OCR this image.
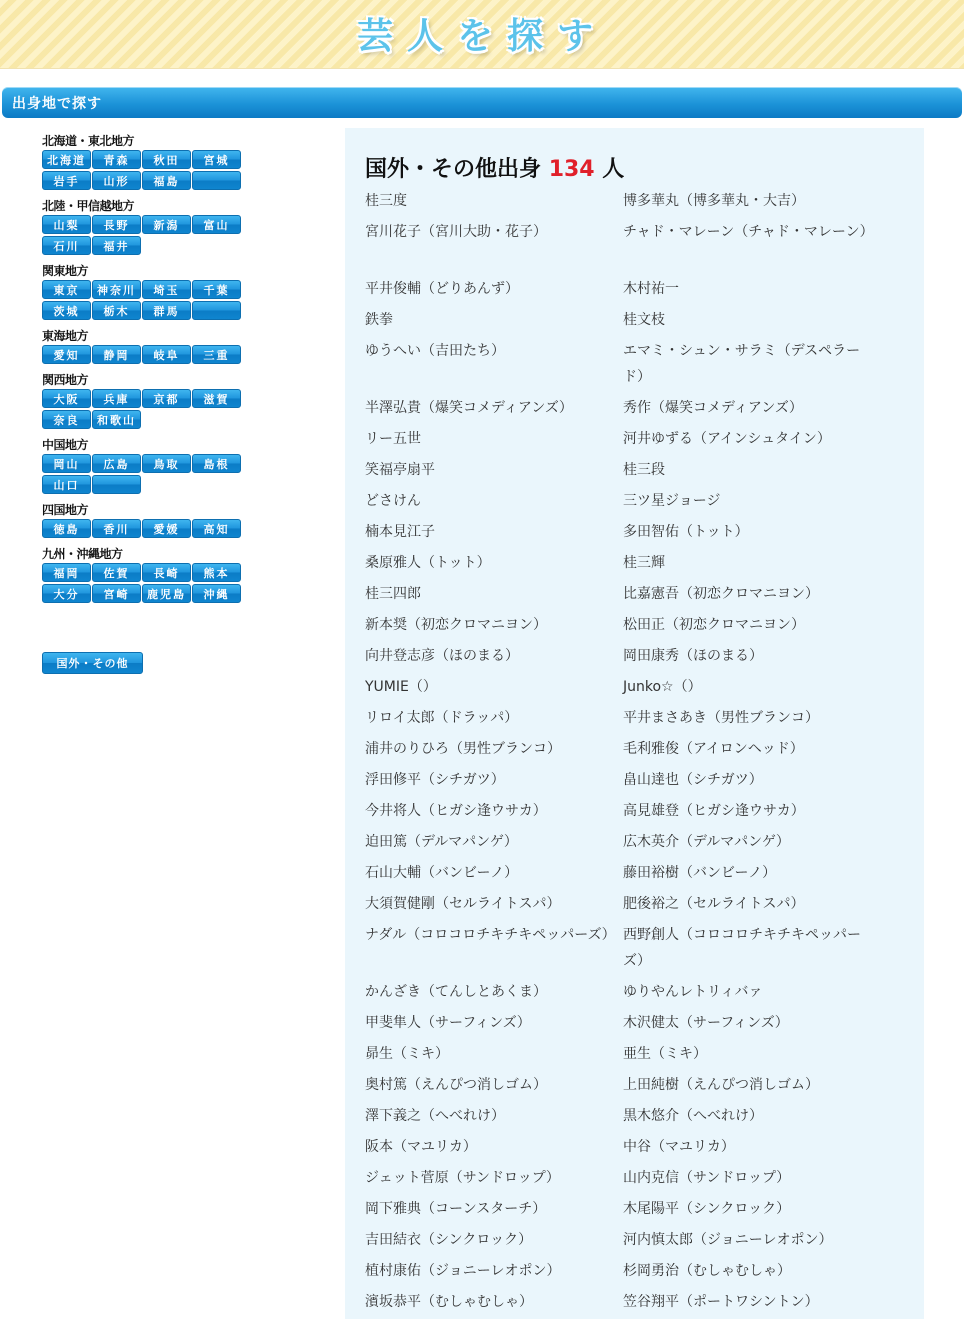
芸人を探す
出身地で探す
北海道・東北地方
北海道	青森	秋田	宮城
岩手	山形	福島
北陸・甲信越地方
山梨	長野	新潟	富山
石川	福井
関東地方
東京	神奈川	埼玉	千葉
茨城	栃木	群馬
東海地方
愛知	静岡	岐阜	三重
関西地方
大阪	兵庫	京都	滋賀
奈良	和歌山
中国地方
岡山	広島	鳥取	島根
山口
四国地方
徳島	香川	愛媛	高知
九州・沖縄地方
福岡	佐賀	長崎	熊本
大分	宮崎	鹿児島	沖縄
国外・その他
国外・その他出身 134 人
桂三度	博多華丸（博多華丸・大吉）
宮川花子（宮川大助・花子）	チャド・マレーン（チャド・マレーン）
平井俊輔（どりあんず）	木村祐一
鉄拳	桂文枝
ゆうへい（吉田たち）	エマミ・シュン・サラミ（デスペラード）
半澤弘貴（爆笑コメディアンズ）	秀作（爆笑コメディアンズ）
リー五世	河井ゆずる（アインシュタイン）
笑福亭扇平	桂三段
どさけん	三ツ星ジョージ
楠本見江子	多田智佑（トット）
桑原雅人（トット）	桂三輝
桂三四郎	比嘉憲吾（初恋クロマニヨン）
新本奨（初恋クロマニヨン）	松田正（初恋クロマニヨン）
向井登志彦（ほのまる）	岡田康秀（ほのまる）
YUMIE（）	Junko☆（）
リロイ太郎（ドラッパ）	平井まさあき（男性ブランコ）
浦井のりひろ（男性ブランコ）	毛利雅俊（アイロンヘッド）
浮田修平（シチガツ）	畠山達也（シチガツ）
今井将人（ヒガシ逢ウサカ）	高見雄登（ヒガシ逢ウサカ）
迫田篤（デルマパンゲ）	広木英介（デルマパンゲ）
石山大輔（バンビーノ）	藤田裕樹（バンビーノ）
大須賀健剛（セルライトスパ）	肥後裕之（セルライトスパ）
ナダル（コロコロチキチキペッパーズ） 西野創人（コロコロチキチキペッパーズ）
かんざき（てんしとあくま）	ゆりやんレトリィバァ
甲斐隼人（サーフィンズ）	木沢健太（サーフィンズ）
昴生（ミキ）	亜生（ミキ）
奥村篤（えんぴつ消しゴム）	上田純樹（えんぴつ消しゴム）
澤下義之（へべれけ）	黒木悠介（へべれけ）
阪本（マユリカ）	中谷（マユリカ）
ジェット菅原（サンドロップ）	山内克信（サンドロップ）
岡下雅典（コーンスターチ）	木尾陽平（シンクロック）
吉田結衣（シンクロック）	河内慎太郎（ジョニーレオポン）
植村康佑（ジョニーレオポン）	杉岡勇治（むしゃむしゃ）
濱坂恭平（むしゃむしゃ）	笠谷翔平（ポートワシントン）
